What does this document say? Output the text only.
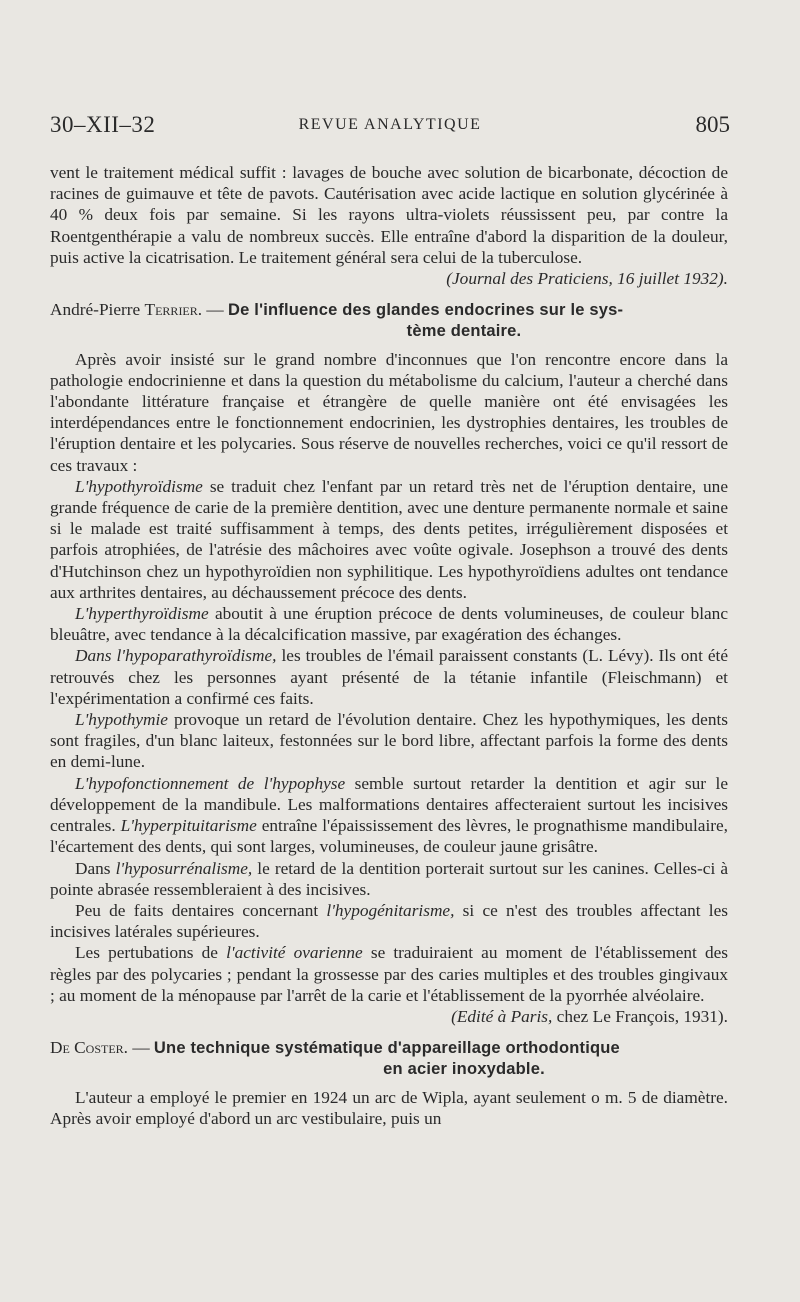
30–XII–32	REVUE ANALYTIQUE	805

vent le traitement médical suffit : lavages de bouche avec solution de bicarbonate, décoction de racines de guimauve et tête de pavots. Cautérisation avec acide lactique en solution glycérinée à 40 % deux fois par semaine. Si les rayons ultra-violets réussissent peu, par contre la Roentgenthérapie a valu de nombreux succès. Elle entraîne d'abord la disparition de la douleur, puis active la cicatrisation. Le traitement général sera celui de la tuberculose.

(Journal des Praticiens, 16 juillet 1932).

André-Pierre Terrier. — De l'influence des glandes endocrines sur le sys-
tème dentaire.

Après avoir insisté sur le grand nombre d'inconnues que l'on rencontre encore dans la pathologie endocrinienne et dans la question du métabolisme du calcium, l'auteur a cherché dans l'abondante littérature française et étrangère de quelle manière ont été envisagées les interdépendances entre le fonctionnement endocrinien, les dystrophies dentaires, les troubles de l'éruption dentaire et les polycaries. Sous réserve de nouvelles recherches, voici ce qu'il ressort de ces travaux :

L'hypothyroïdisme se traduit chez l'enfant par un retard très net de l'éruption dentaire, une grande fréquence de carie de la première dentition, avec une denture permanente normale et saine si le malade est traité suffisamment à temps, des dents petites, irrégulièrement disposées et parfois atrophiées, de l'atrésie des mâchoires avec voûte ogivale. Josephson a trouvé des dents d'Hutchinson chez un hypothyroïdien non syphilitique. Les hypothyroïdiens adultes ont tendance aux arthrites dentaires, au déchaussement précoce des dents.

L'hyperthyroïdisme aboutit à une éruption précoce de dents volumineuses, de couleur blanc bleuâtre, avec tendance à la décalcification massive, par exagération des échanges.

Dans l'hypoparathyroïdisme, les troubles de l'émail paraissent constants (L. Lévy). Ils ont été retrouvés chez les personnes ayant présenté de la tétanie infantile (Fleischmann) et l'expérimentation a confirmé ces faits.

L'hypothymie provoque un retard de l'évolution dentaire. Chez les hypothymiques, les dents sont fragiles, d'un blanc laiteux, festonnées sur le bord libre, affectant parfois la forme des dents en demi-lune.

L'hypofonctionnement de l'hypophyse semble surtout retarder la dentition et agir sur le développement de la mandibule. Les malformations dentaires affecteraient surtout les incisives centrales. L'hyperpituitarisme entraîne l'épaississement des lèvres, le prognathisme mandibulaire, l'écartement des dents, qui sont larges, volumineuses, de couleur jaune grisâtre.

Dans l'hyposurrénalisme, le retard de la dentition porterait surtout sur les canines. Celles-ci à pointe abrasée ressembleraient à des incisives.

Peu de faits dentaires concernant l'hypogénitarisme, si ce n'est des troubles affectant les incisives latérales supérieures.

Les pertubations de l'activité ovarienne se traduiraient au moment de l'établissement des règles par des polycaries ; pendant la grossesse par des caries multiples et des troubles gingivaux ; au moment de la ménopause par l'arrêt de la carie et l'établissement de la pyorrhée alvéolaire.

(Edité à Paris, chez Le François, 1931).

De Coster. — Une technique systématique d'appareillage orthodontique
en acier inoxydable.

L'auteur a employé le premier en 1924 un arc de Wipla, ayant seulement o m. 5 de diamètre. Après avoir employé d'abord un arc vestibulaire, puis un
